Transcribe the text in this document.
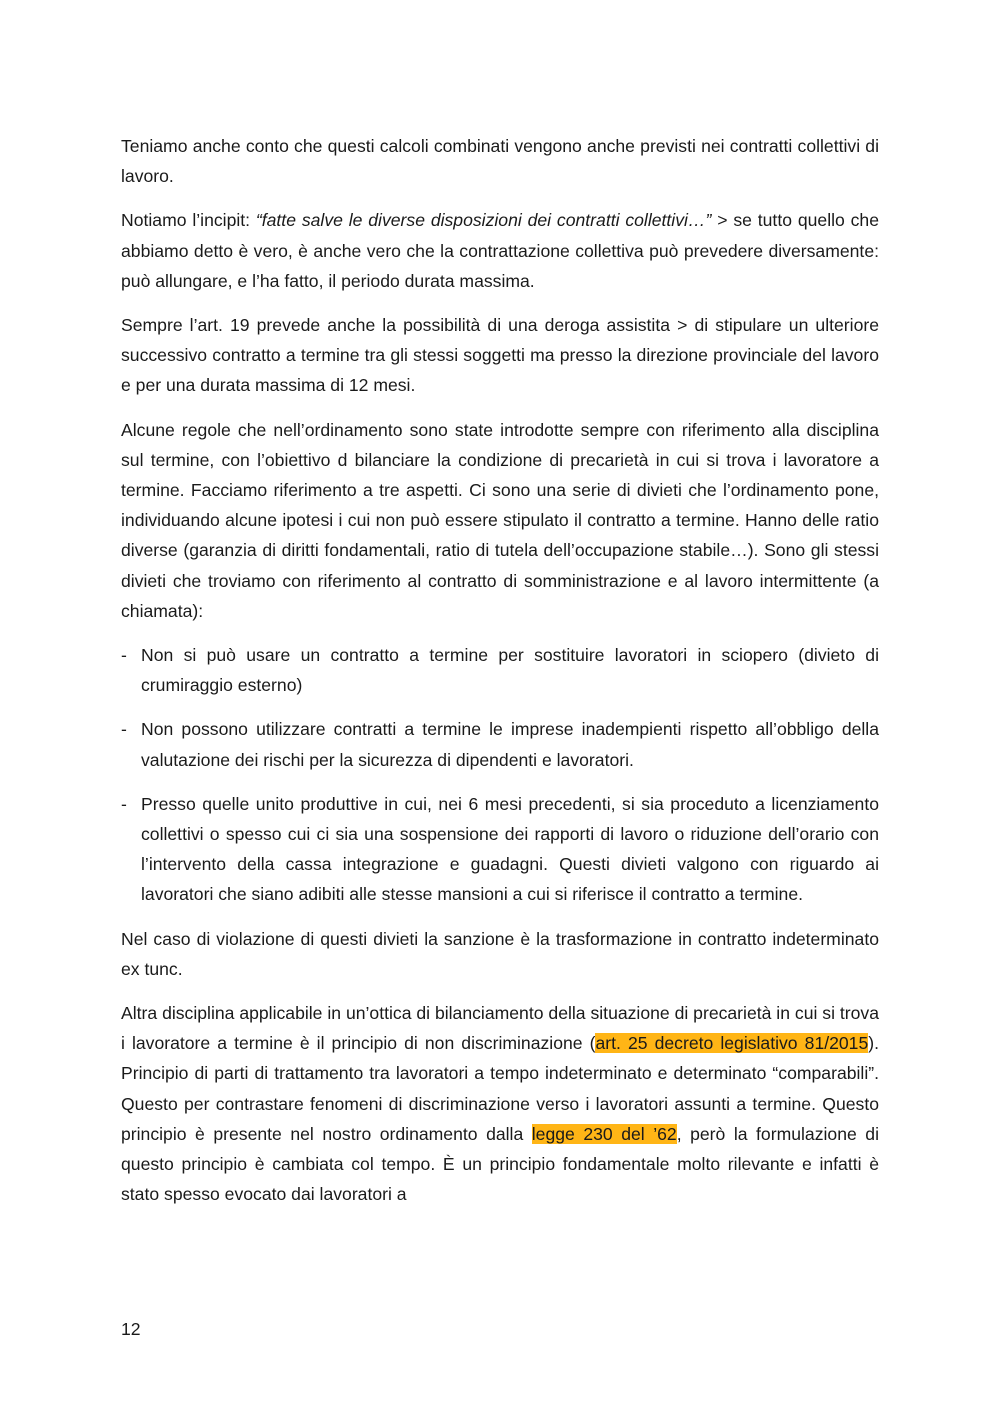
Teniamo anche conto che questi calcoli combinati vengono anche previsti nei contratti collettivi di lavoro.

Notiamo l’incipit: “fatte salve le diverse disposizioni dei contratti collettivi…” > se tutto quello che abbiamo detto è vero, è anche vero che la contrattazione collettiva può prevedere diversamente: può allungare, e l’ha fatto, il periodo durata massima.

Sempre l’art. 19 prevede anche la possibilità di una deroga assistita > di stipulare un ulteriore successivo contratto a termine tra gli stessi soggetti ma presso la direzione provinciale del lavoro e per una durata massima di 12 mesi.

Alcune regole che nell’ordinamento sono state introdotte sempre con riferimento alla disciplina sul termine, con l’obiettivo d bilanciare la condizione di precarietà in cui si trova i lavoratore a termine. Facciamo riferimento a tre aspetti. Ci sono una serie di divieti che l’ordinamento pone, individuando alcune ipotesi i cui non può essere stipulato il contratto a termine. Hanno delle ratio diverse (garanzia di diritti fondamentali, ratio di tutela dell’occupazione stabile…). Sono gli stessi divieti che troviamo con riferimento al contratto di somministrazione e al lavoro intermittente (a chiamata):

- Non si può usare un contratto a termine per sostituire lavoratori in sciopero (divieto di crumiraggio esterno)
- Non possono utilizzare contratti a termine le imprese inadempienti rispetto all’obbligo della valutazione dei rischi per la sicurezza di dipendenti e lavoratori.
- Presso quelle unito produttive in cui, nei 6 mesi precedenti, si sia proceduto a licenziamento collettivi o spesso cui ci sia una sospensione dei rapporti di lavoro o riduzione dell’orario con l’intervento della cassa integrazione e guadagni. Questi divieti valgono con riguardo ai lavoratori che siano adibiti alle stesse mansioni a cui si riferisce il contratto a termine.

Nel caso di violazione di questi divieti la sanzione è la trasformazione in contratto indeterminato ex tunc.

Altra disciplina applicabile in un’ottica di bilanciamento della situazione di precarietà in cui si trova i lavoratore a termine è il principio di non discriminazione (art. 25 decreto legislativo 81/2015). Principio di parti di trattamento tra lavoratori a tempo indeterminato e determinato “comparabili”. Questo per contrastare fenomeni di discriminazione verso i lavoratori assunti a termine. Questo principio è presente nel nostro ordinamento dalla legge 230 del ’62, però la formulazione di questo principio è cambiata col tempo. È un principio fondamentale molto rilevante e infatti è stato spesso evocato dai lavoratori a

12
